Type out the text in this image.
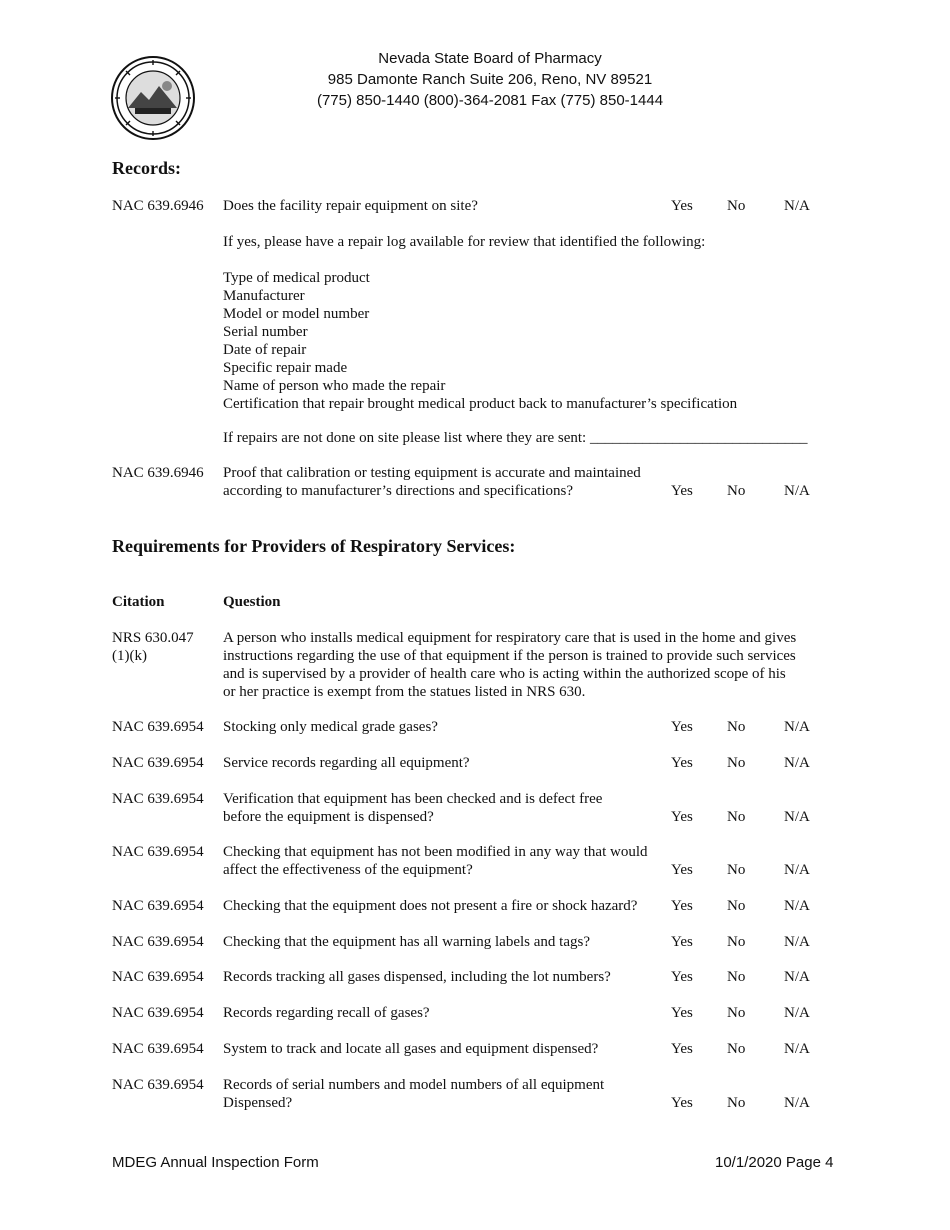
Nevada State Board of Pharmacy
985 Damonte Ranch Suite 206, Reno, NV 89521
(775) 850-1440 (800)-364-2081 Fax (775) 850-1444
Records:
NAC 639.6946 Does the facility repair equipment on site?	Yes No	N/A
If yes, please have a repair log available for review that identified the following:
Type of medical product
Manufacturer
Model or model number
Serial number
Date of repair
Specific repair made
Name of person who made the repair
Certification that repair brought medical product back to manufacturer’s specification
If repairs are not done on site please list where they are sent: _____________________________
NAC 639.6946 Proof that calibration or testing equipment is accurate and maintained
according to manufacturer’s directions and specifications?	Yes No	N/A
Requirements for Providers of Respiratory Services:
Citation	Question
NRS 630.047
(1)(k)
A person who installs medical equipment for respiratory care that is used in the home and gives
instructions regarding the use of that equipment if the person is trained to provide such services
and is supervised by a provider of health care who is acting within the authorized scope of his
or her practice is exempt from the statues listed in NRS 630.
NAC 639.6954 Stocking only medical grade gases?	Yes No	N/A
NAC 639.6954 Service records regarding all equipment?	Yes No	N/A
NAC 639.6954 Verification that equipment has been checked and is defect free
before the equipment is dispensed?	Yes No	N/A
NAC 639.6954 Checking that equipment has not been modified in any way that would
affect the effectiveness of the equipment?	Yes No	N/A
NAC 639.6954 Checking that the equipment does not present a fire or shock hazard? Yes No	N/A
NAC 639.6954 Checking that the equipment has all warning labels and tags?	Yes No	N/A
NAC 639.6954 Records tracking all gases dispensed, including the lot numbers?	Yes No	N/A
NAC 639.6954 Records regarding recall of gases?	Yes No	N/A
NAC 639.6954 System to track and locate all gases and equipment dispensed?	Yes No	N/A
NAC 639.6954 Records of serial numbers and model numbers of all equipment
Dispensed?	Yes No	N/A
MDEG Annual Inspection Form	10/1/2020 Page 4
